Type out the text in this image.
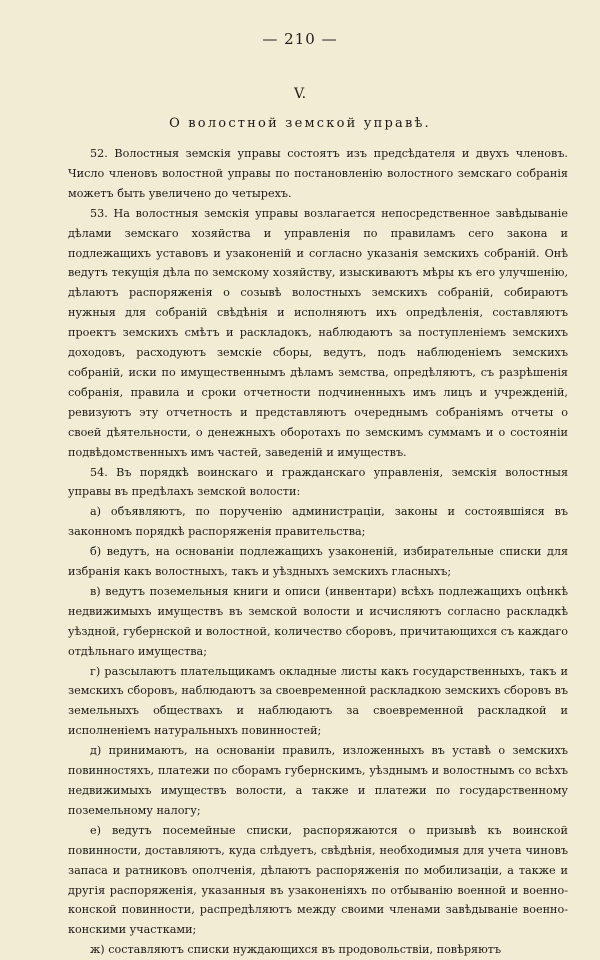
— 210 —
V.
О волостной земской управѣ.

52. Волостныя земскія управы состоятъ изъ предсѣдателя и двухъ членовъ. Число членовъ волостной управы по постановленію волостного земскаго собранія можетъ быть увеличено до четырехъ.

53. На волостныя земскія управы возлагается непосредственное завѣдываніе дѣлами земскаго хозяйства и управленія по правиламъ сего закона и подлежащихъ уставовъ и узаконеній и согласно указанія земскихъ собраній. Онѣ ведутъ текущія дѣла по земскому хозяйству, изыскиваютъ мѣры къ его улучшенію, дѣлаютъ распоряженія о созывѣ волостныхъ земскихъ собраній, собираютъ нужныя для собраній свѣдѣнія и исполняютъ ихъ опредѣленія, составляютъ проектъ земскихъ смѣтъ и раскладокъ, наблюдаютъ за поступленіемъ земскихъ доходовъ, расходуютъ земскіе сборы, ведутъ, подъ наблюденіемъ земскихъ собраній, иски по имущественнымъ дѣламъ земства, опредѣляютъ, съ разрѣшенія собранія, правила и сроки отчетности подчиненныхъ имъ лицъ и учрежденій, ревизуютъ эту отчетность и представляютъ очереднымъ собраніямъ отчеты о своей дѣятельности, о денежныхъ оборотахъ по земскимъ суммамъ и о состояніи подвѣдомственныхъ имъ частей, заведеній и имуществъ.

54. Въ порядкѣ воинскаго и гражданскаго управленія, земскія волостныя управы въ предѣлахъ земской волости:

а) объявляютъ, по порученію администраціи, законы и состоявшіяся въ законномъ порядкѣ распоряженія правительства;

б) ведутъ, на основаніи подлежащихъ узаконеній, избирательные списки для избранія какъ волостныхъ, такъ и уѣздныхъ земскихъ гласныхъ;

в) ведутъ поземельныя книги и описи (инвентари) всѣхъ подлежащихъ оцѣнкѣ недвижимыхъ имуществъ въ земской волости и исчисляютъ согласно раскладкѣ уѣздной, губернской и волостной, количество сборовъ, причитающихся съ каждаго отдѣльнаго имущества;

г) разсылаютъ плательщикамъ окладные листы какъ государственныхъ, такъ и земскихъ сборовъ, наблюдаютъ за своевременной раскладкою земскихъ сборовъ въ земельныхъ обществахъ и наблюдаютъ за своевременной раскладкой и исполненіемъ натуральныхъ повинностей;

д) принимаютъ, на основаніи правилъ, изложенныхъ въ уставѣ о земскихъ повинностяхъ, платежи по сборамъ губернскимъ, уѣзднымъ и волостнымъ со всѣхъ недвижимыхъ имуществъ волости, а также и платежи по государственному поземельному налогу;

е) ведутъ посемейные списки, распоряжаются о призывѣ къ воинской повинности, доставляютъ, куда слѣдуетъ, свѣдѣнія, необходимыя для учета чиновъ запаса и ратниковъ ополченія, дѣлаютъ распоряженія по мобилизаціи, а также и другія распоряженія, указанныя въ узаконеніяхъ по отбыванію военной и военно-конской повинности, распредѣляютъ между своими членами завѣдываніе военно-конскими участками;

ж) составляютъ списки нуждающихся въ продовольствіи, повѣряютъ
